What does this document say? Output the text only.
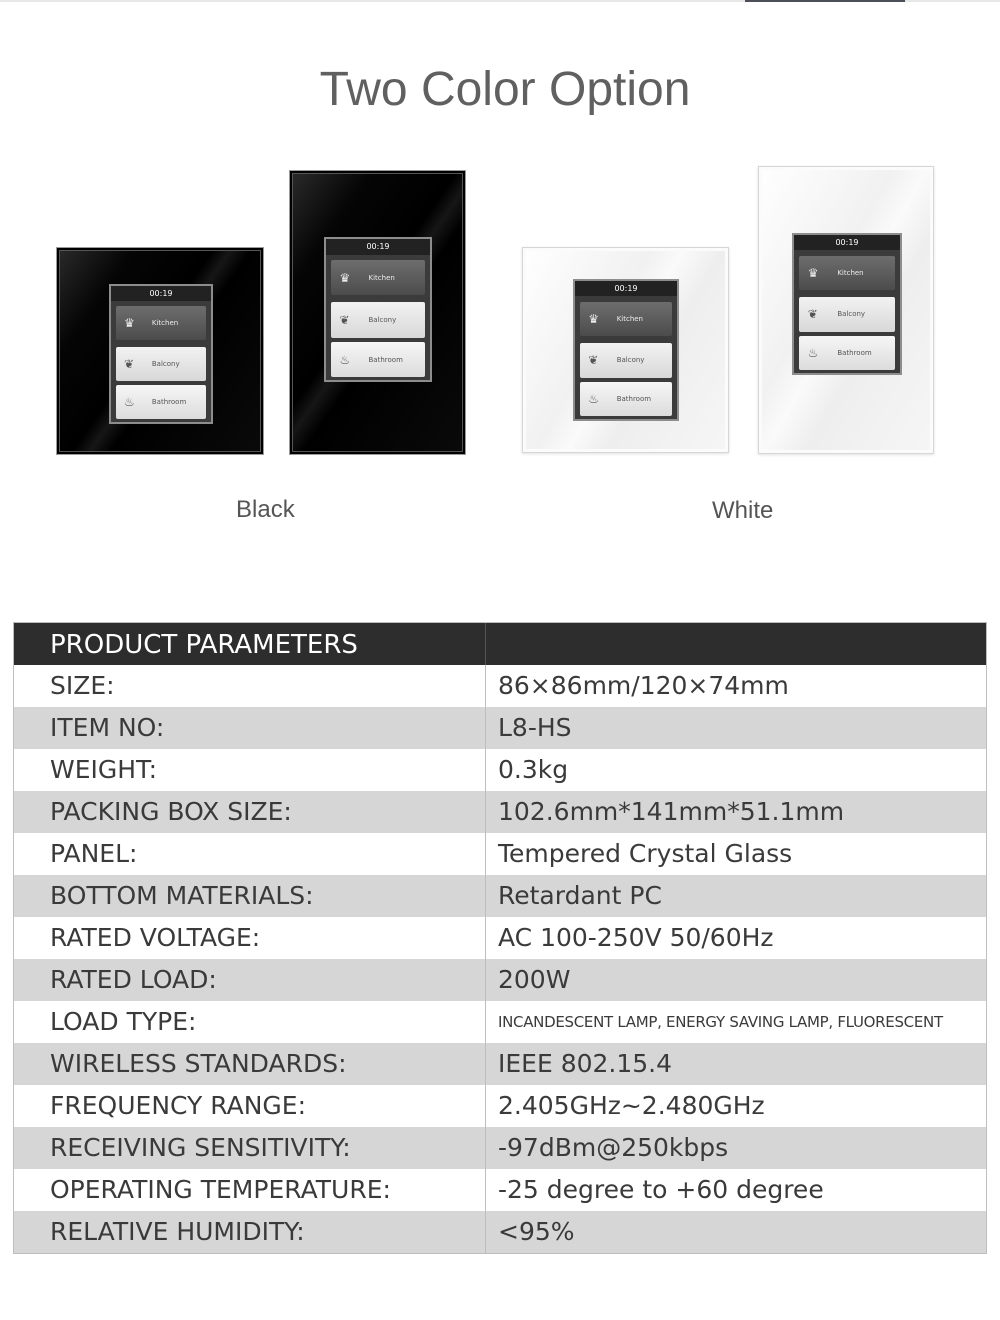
Two Color Option
00:19
♛	Kitchen
❦	Balcony
♨	Bathroom
00:19
♛	Kitchen
❦	Balcony
♨	Bathroom
00:19
♛	Kitchen
❦	Balcony
♨	Bathroom
00:19
♛	Kitchen
❦	Balcony
♨	Bathroom
Black	White
PRODUCT PARAMETERS
SIZE:	86×86mm/120×74mm
ITEM NO:	L8-HS
WEIGHT:	0.3kg
PACKING BOX SIZE:	102.6mm*141mm*51.1mm
PANEL:	Tempered Crystal Glass
BOTTOM MATERIALS:	Retardant PC
RATED VOLTAGE:	AC 100-250V 50/60Hz
RATED LOAD:	200W
LOAD TYPE:	INCANDESCENT LAMP, ENERGY SAVING LAMP, FLUORESCENT
WIRELESS STANDARDS:	IEEE 802.15.4
FREQUENCY RANGE:	2.405GHz~2.480GHz
RECEIVING SENSITIVITY:	-97dBm@250kbps
OPERATING TEMPERATURE:	-25 degree to +60 degree
RELATIVE HUMIDITY:	<95%
